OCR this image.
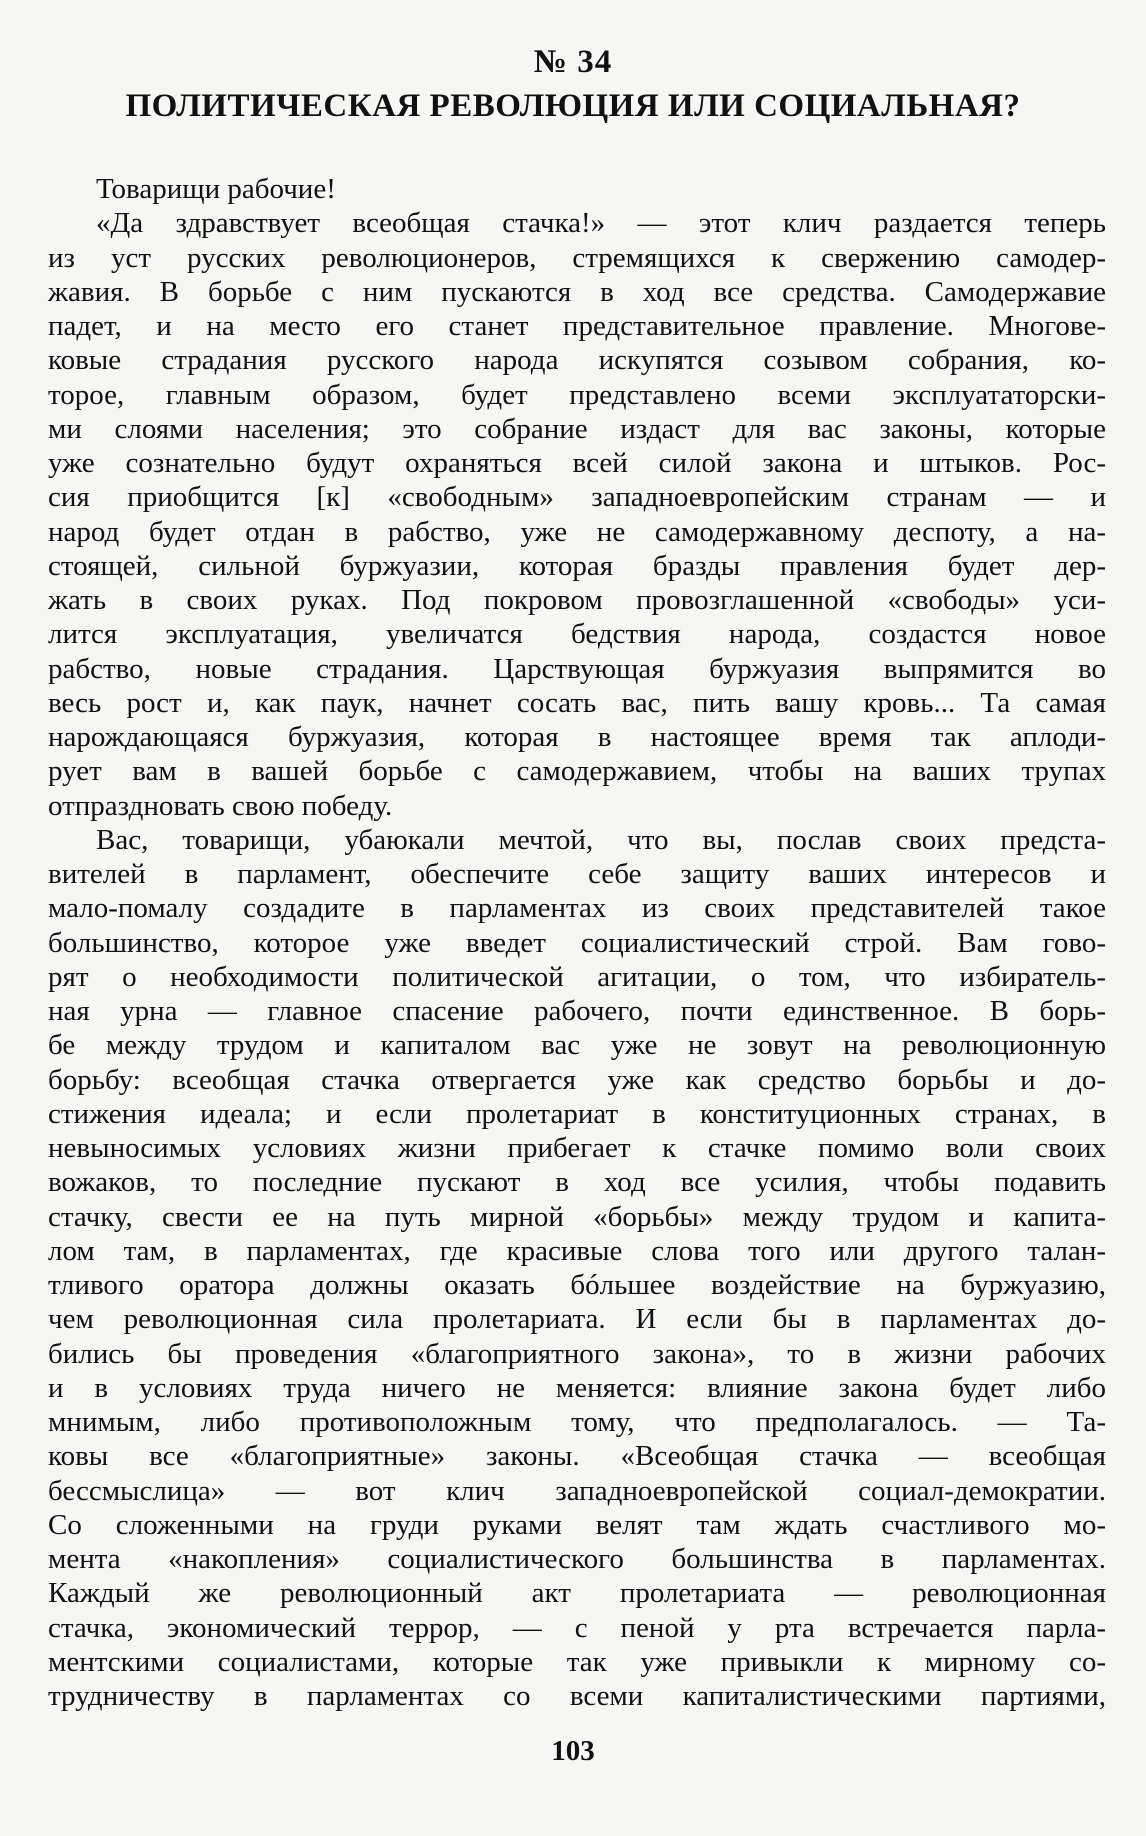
№ 34
ПОЛИТИЧЕСКАЯ РЕВОЛЮЦИЯ ИЛИ СОЦИАЛЬНАЯ?
Товарищи рабочие!
«Да здравствует всеобщая стачка!» — этот клич раздается теперь
из уст русских революционеров, стремящихся к свержению самодер-
жавия. В борьбе с ним пускаются в ход все средства. Самодержавие
падет, и на место его станет представительное правление. Многове-
ковые страдания русского народа искупятся созывом собрания, ко-
торое, главным образом, будет представлено всеми эксплуататорски-
ми слоями населения; это собрание издаст для вас законы, которые
уже сознательно будут охраняться всей силой закона и штыков. Рос-
сия приобщится [к] «свободным» западноевропейским странам — и
народ будет отдан в рабство, уже не самодержавному деспоту, а на-
стоящей, сильной буржуазии, которая бразды правления будет дер-
жать в своих руках. Под покровом провозглашенной «свободы» уси-
лится эксплуатация, увеличатся бедствия народа, создастся новое
рабство, новые страдания. Царствующая буржуазия выпрямится во
весь рост и, как паук, начнет сосать вас, пить вашу кровь... Та самая
нарождающаяся буржуазия, которая в настоящее время так аплоди-
рует вам в вашей борьбе с самодержавием, чтобы на ваших трупах
отпраздновать свою победу.
Вас, товарищи, убаюкали мечтой, что вы, послав своих предста-
вителей в парламент, обеспечите себе защиту ваших интересов и
мало-помалу создадите в парламентах из своих представителей такое
большинство, которое уже введет социалистический строй. Вам гово-
рят о необходимости политической агитации, о том, что избиратель-
ная урна — главное спасение рабочего, почти единственное. В борь-
бе между трудом и капиталом вас уже не зовут на революционную
борьбу: всеобщая стачка отвергается уже как средство борьбы и до-
стижения идеала; и если пролетариат в конституционных странах, в
невыносимых условиях жизни прибегает к стачке помимо воли своих
вожаков, то последние пускают в ход все усилия, чтобы подавить
стачку, свести ее на путь мирной «борьбы» между трудом и капита-
лом там, в парламентах, где красивые слова того или другого талан-
тливого оратора должны оказать бóльшее воздействие на буржуазию,
чем революционная сила пролетариата. И если бы в парламентах до-
бились бы проведения «благоприятного закона», то в жизни рабочих
и в условиях труда ничего не меняется: влияние закона будет либо
мнимым, либо противоположным тому, что предполагалось. — Та-
ковы все «благоприятные» законы. «Всеобщая стачка — всеобщая
бессмыслица» — вот клич западноевропейской социал-демократии.
Со сложенными на груди руками велят там ждать счастливого мо-
мента «накопления» социалистического большинства в парламентах.
Каждый же революционный акт пролетариата — революционная
стачка, экономический террор, — с пеной у рта встречается парла-
ментскими социалистами, которые так уже привыкли к мирному со-
трудничеству в парламентах со всеми капиталистическими партиями,
103
